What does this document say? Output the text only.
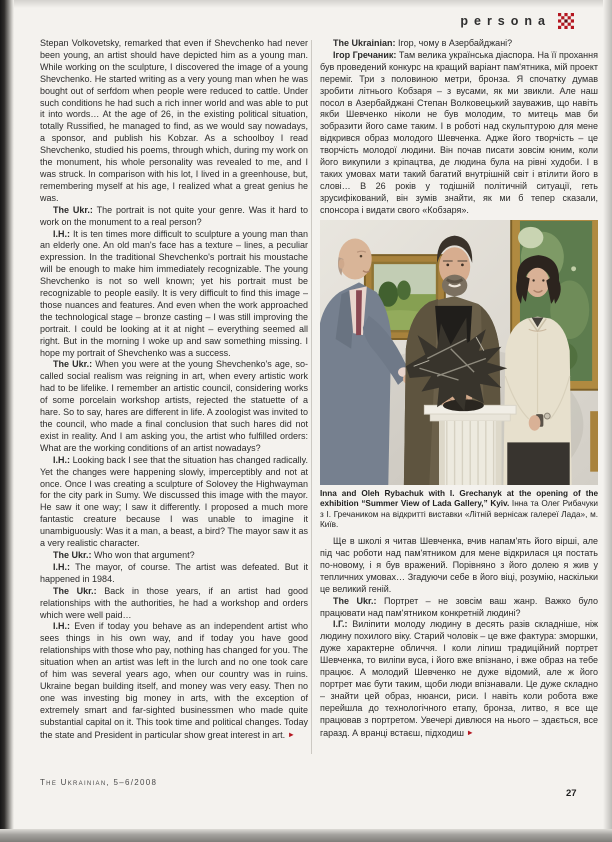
persona

Stepan Volkovetsky, remarked that even if Shevchenko had never been young, an artist should have depicted him as a young man. While working on the sculpture, I discovered the image of a young Shevchenko. He started writing as a very young man when he was bought out of serfdom when people were reduced to cattle. Under such conditions he had such a rich inner world and was able to put it into words… At the age of 26, in the existing political situation, totally Russified, he managed to find, as we would say nowadays, a sponsor, and publish his Kobzar. As a schoolboy I read Shevchenko, studied his poems, through which, during my work on the monument, his whole personality was revealed to me, and I was struck. In comparison with his lot, I lived in a greenhouse, but, remembering myself at his age, I realized what a great genius he was.

The Ukr.: The portrait is not quite your genre. Was it hard to work on the monument to a real person?

I.H.: It is ten times more difficult to sculpture a young man than an elderly one. An old man's face has a texture – lines, a peculiar expression. In the traditional Shevchenko's portrait his moustache will be enough to make him immediately recognizable. The young Shevchenko is not so well known; yet his portrait must be recognizable to people easily. It is very difficult to find this image – those nuances and features. And even when the work approached the technological stage – bronze casting – I was still improving the portrait. I could be looking at it at night – everything seemed all right. But in the morning I woke up and saw something missing. I hope my portrait of Shevchenko was a success.

The Ukr.: When you were at the young Shevchenko's age, so-called social realism was reigning in art, when every artistic work had to be lifelike. I remember an artistic council, considering works of some porcelain workshop artists, rejected the statuette of a hare. So to say, hares are different in life. A zoologist was invited to the council, who made a final conclusion that such hares did not exist in reality. And I am asking you, the artist who fulfilled orders: What are the working conditions of an artist nowadays?

I.H.: Looking back I see that the situation has changed radically. Yet the changes were happening slowly, imperceptibly and not at once. Once I was creating a sculpture of Solovey the Highwayman for the city park in Sumy. We discussed this image with the mayor. He saw it one way; I saw it differently. I proposed a much more fantastic creature because I was unable to imagine it unambiguously: Was it a man, a beast, a bird? The mayor saw it as a very realistic character.

The Ukr.: Who won that argument?

I.H.: The mayor, of course. The artist was defeated. But it happened in 1984.

The Ukr.: Back in those years, if an artist had good relationships with the authorities, he had a workshop and orders which were well paid…

I.H.: Even if today you behave as an independent artist who sees things in his own way, and if today you have good relationships with those who pay, nothing has changed for you. The situation when an artist was left in the lurch and no one took care of him was several years ago, when our country was in ruins. Ukraine began building itself, and money was very easy. Then no one was investing big money in arts, with the exception of extremely smart and far-sighted businessmen who made quite substantial capital on it. This took time and political changes. Today the state and President in particular show great interest in art. ►

The Ukrainian: Ігор, чому в Азербайджані?

Ігор Гречаник: Там велика українська діаспора. На її прохання був проведений конкурс на кращий варіант пам'ятника, мій проект переміг. Три з половиною метри, бронза. Я спочатку думав зробити літнього Кобзаря – з вусами, як ми звикли. Але наш посол в Азербайджані Степан Волковецький зауважив, що навіть якби Шевченко ніколи не був молодим, то митець мав би зобразити його саме таким. І в роботі над скульптурою для мене відкрився образ молодого Шевченка. Адже його творчість – це творчість молодої людини. Він почав писати зовсім юним, коли його викупили з кріпацтва, де людина була на рівні худоби. І в таких умовах мати такий багатий внутрішній світ і втілити його в слові… В 26 років у тодішній політичній ситуації, геть зрусифікований, він зумів знайти, як ми б тепер сказали, спонсора і видати свого «Кобзаря».

Inna and Oleh Rybachuk with I. Grechanyk at the opening of the exhibition “Summer View of Lada Gallery,” Kyiv. Інна та Олег Рибачуки з І. Гречаником на відкритті виставки «Літній вернісаж галереї Лада», м. Київ.

Ще в школі я читав Шевченка, вчив напам'ять його вірші, але під час роботи над пам'ятником для мене відкрилася ця постать по-новому, і я був вражений. Порівняно з його долею я жив у тепличних умовах… Згадуючи себе в його віці, розумію, наскільки це великий геній.

The Ukr.: Портрет – не зовсім ваш жанр. Важко було працювати над пам'ятником конкретній людині?

І.Г.: Виліпити молоду людину в десять разів складніше, ніж людину похилого віку. Старий чоловік – це вже фактура: зморшки, дуже характерне обличчя. І коли ліпиш традиційний портрет Шевченка, то виліпи вуса, і його вже впізнано, і вже образ на тебе працює. А молодий Шевченко не дуже відомий, але ж його портрет має бути таким, щоби люди впізнавали. Це дуже складно – знайти цей образ, нюанси, риси. І навіть коли робота вже перейшла до технологічного етапу, бронза, литво, я все ще працював з портретом. Увечері дивлюся на нього – здається, все гаразд. А вранці встаєш, підходиш ►

The Ukrainian, 5–6/2008
27
